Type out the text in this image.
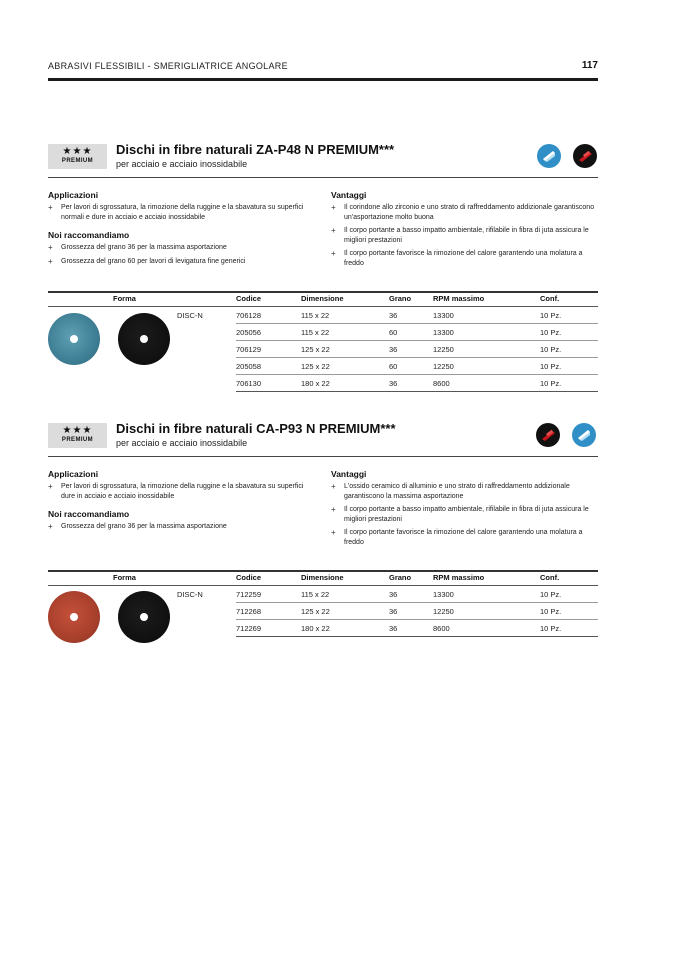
ABRASIVI FLESSIBILI - SMERIGLIATRICE ANGOLARE	117
★★★
PREMIUM
Dischi in fibre naturali ZA-P48 N PREMIUM***
per acciaio e acciaio inossidabile
Applicazioni
+ Per lavori di sgrossatura, la rimozione della ruggine e la sbavatura su superfici normali e dure in acciaio e acciaio inossidabile
Noi raccomandiamo
+ Grossezza del grano 36 per la massima asportazione
+ Grossezza del grano 60 per lavori di levigatura fine generici
Vantaggi
+ Il corindone allo zirconio e uno strato di raffreddamento addizionale garantiscono un'asportazione molto buona
+ Il corpo portante a basso impatto ambientale, rifilabile in fibra di juta assicura le migliori prestazioni
+ Il corpo portante favorisce la rimozione del calore garantendo una molatura a freddo
Forma	Codice	Dimensione	Grano	RPM massimo	Conf.
DISC-N	706128	115 x 22	36	13300	10 Pz.
205056	115 x 22	60	13300	10 Pz.
706129	125 x 22	36	12250	10 Pz.
205058	125 x 22	60	12250	10 Pz.
706130	180 x 22	36	8600	10 Pz.
★★★
PREMIUM
Dischi in fibre naturali CA-P93 N PREMIUM***
per acciaio e acciaio inossidabile
Applicazioni
+ Per lavori di sgrossatura, la rimozione della ruggine e la sbavatura su superfici dure in acciaio e acciaio inossidabile
Noi raccomandiamo
+ Grossezza del grano 36 per la massima asportazione
Vantaggi
+ L'ossido ceramico di alluminio e uno strato di raffreddamento addizionale garantiscono la massima asportazione
+ Il corpo portante a basso impatto ambientale, rifilabile in fibra di juta assicura le migliori prestazioni
+ Il corpo portante favorisce la rimozione del calore garantendo una molatura a freddo
Forma	Codice	Dimensione	Grano	RPM massimo	Conf.
DISC-N	712259	115 x 22	36	13300	10 Pz.
712268	125 x 22	36	12250	10 Pz.
712269	180 x 22	36	8600	10 Pz.
